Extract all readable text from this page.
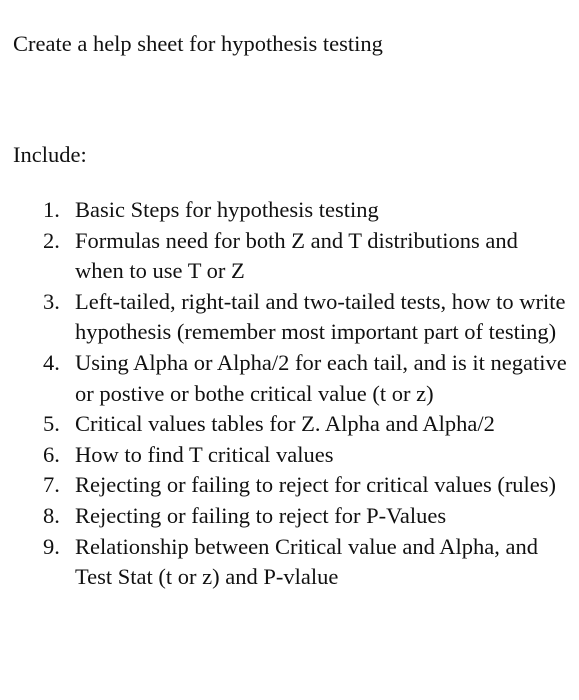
Create a help sheet for hypothesis testing
Include:
1. Basic Steps for hypothesis testing
2. Formulas need for both Z and T distributions and when to use T or Z
3. Left-tailed, right-tail and two-tailed tests, how to write hypothesis (remember most important part of testing)
4. Using Alpha or Alpha/2 for each tail, and is it negative or postive or bothe critical value (t or z)
5. Critical values tables for Z. Alpha and Alpha/2
6. How to find T critical values
7. Rejecting or failing to reject for critical values (rules)
8. Rejecting or failing to reject for P-Values
9. Relationship between Critical value and Alpha, and Test Stat (t or z) and P-vlalue
